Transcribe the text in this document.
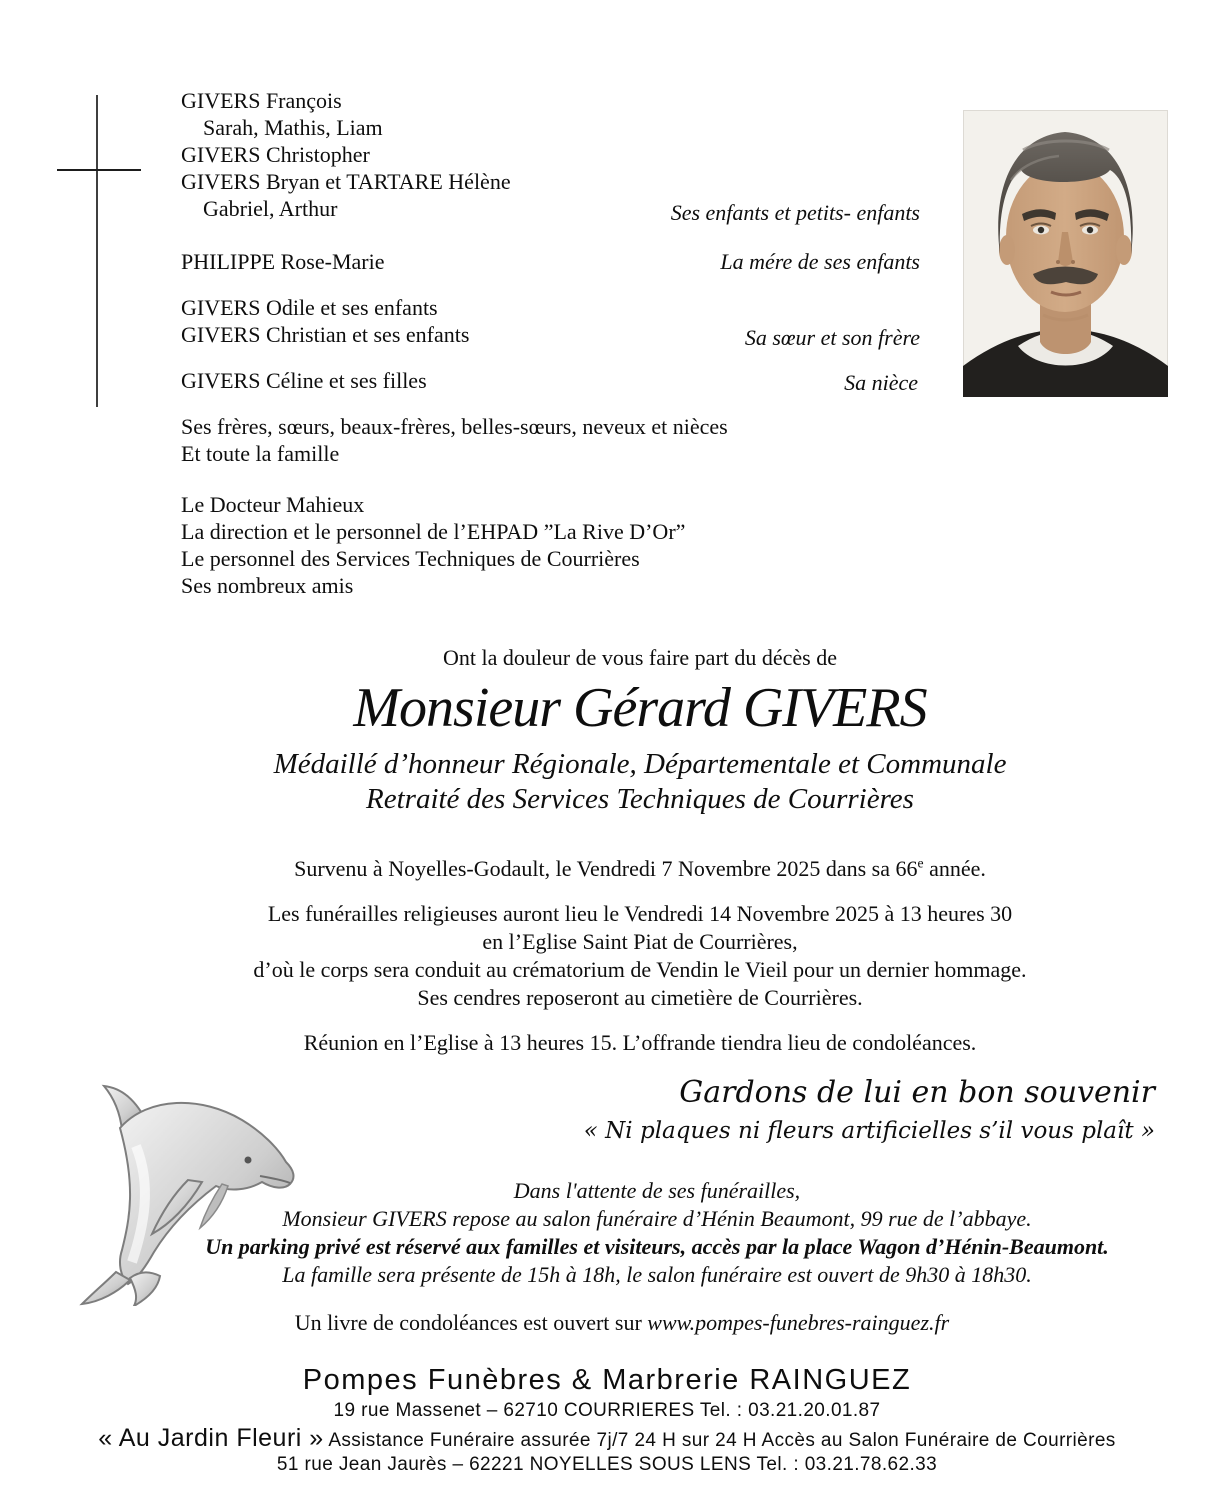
GIVERS François
Sarah, Mathis, Liam
GIVERS Christopher
GIVERS Bryan et TARTARE Hélène
Gabriel, Arthur
PHILIPPE Rose-Marie
GIVERS Odile et ses enfants
GIVERS Christian et ses enfants
GIVERS Céline et ses filles
Ses enfants et petits- enfants
La mére de ses enfants
Sa sœur et son frère
Sa nièce
Ses frères, sœurs, beaux-frères, belles-sœurs, neveux et nièces
Et toute la famille
Le Docteur Mahieux
La direction et le personnel de l’EHPAD ”La Rive D’Or”
Le personnel des Services Techniques de Courrières
Ses nombreux amis
Ont la douleur de vous faire part du décès de
Monsieur Gérard GIVERS
Médaillé d’honneur Régionale, Départementale et Communale
Retraité des Services Techniques de Courrières
Survenu à Noyelles-Godault, le Vendredi 7 Novembre 2025 dans sa 66e année.
Les funérailles religieuses auront lieu le Vendredi 14 Novembre 2025 à 13 heures 30
en l’Eglise Saint Piat de Courrières,
d’où le corps sera conduit au crématorium de Vendin le Vieil pour un dernier hommage.
Ses cendres reposeront au cimetière de Courrières.
Réunion en l’Eglise à 13 heures 15. L’offrande tiendra lieu de condoléances.
Gardons de lui en bon souvenir
« Ni plaques ni fleurs artificielles s’il vous plaît »
Dans l'attente de ses funérailles,
Monsieur GIVERS repose au salon funéraire d’Hénin Beaumont, 99 rue de l’abbaye.
Un parking privé est réservé aux familles et visiteurs, accès par la place Wagon d’Hénin-Beaumont.
La famille sera présente de 15h à 18h, le salon funéraire est ouvert de 9h30 à 18h30.
Un livre de condoléances est ouvert sur www.pompes-funebres-rainguez.fr
Pompes Funèbres & Marbrerie RAINGUEZ
19 rue Massenet – 62710 COURRIERES Tel. : 03.21.20.01.87
« Au Jardin Fleuri » Assistance Funéraire assurée 7j/7 24 H sur 24 H Accès au Salon Funéraire de Courrières
51 rue Jean Jaurès – 62221 NOYELLES SOUS LENS Tel. : 03.21.78.62.33
